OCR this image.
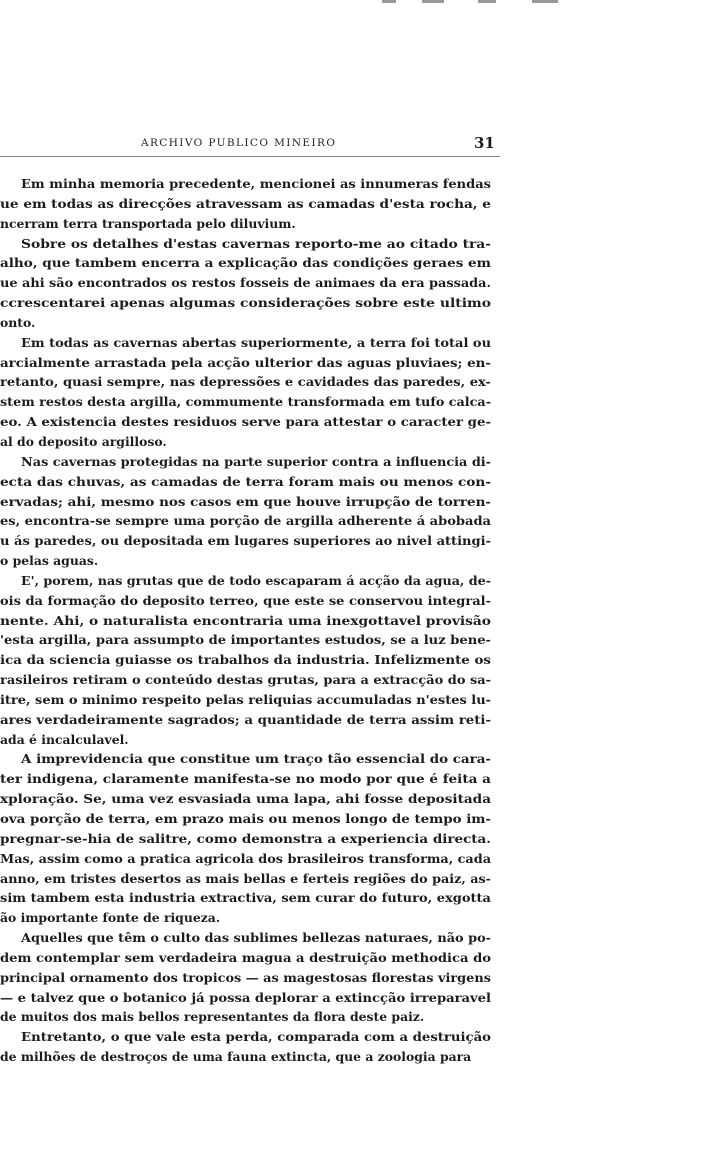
ARCHIVO PUBLICO MINEIRO	31
Em minha memoria precedente, mencionei as innumeras fendas
ue em todas as direcções atravessam as camadas d'esta rocha, e
ncerram terra transportada pelo diluvium.
Sobre os detalhes d'estas cavernas reporto-me ao citado tra-
alho, que tambem encerra a explicação das condições geraes em
ue ahi são encontrados os restos fosseis de animaes da era passada.
ccrescentarei apenas algumas considerações sobre este ultimo
onto.
Em todas as cavernas abertas superiormente, a terra foi total ou
arcialmente arrastada pela acção ulterior das aguas pluviaes; en-
retanto, quasi sempre, nas depressões e cavidades das paredes, ex-
stem restos desta argilla, commumente transformada em tufo calca-
eo. A existencia destes residuos serve para attestar o caracter ge-
al do deposito argilloso.
Nas cavernas protegidas na parte superior contra a influencia di-
ecta das chuvas, as camadas de terra foram mais ou menos con-
ervadas; ahi, mesmo nos casos em que houve irrupção de torren-
es, encontra-se sempre uma porção de argilla adherente á abobada
u ás paredes, ou depositada em lugares superiores ao nivel attingi-
o pelas aguas.
E', porem, nas grutas que de todo escaparam á acção da agua, de-
ois da formação do deposito terreo, que este se conservou integral-
nente. Ahi, o naturalista encontraria uma inexgottavel provisão
'esta argilla, para assumpto de importantes estudos, se a luz bene-
ica da sciencia guiasse os trabalhos da industria. Infelizmente os
rasileiros retiram o conteúdo destas grutas, para a extracção do sa-
itre, sem o minimo respeito pelas reliquias accumuladas n'estes lu-
ares verdadeiramente sagrados; a quantidade de terra assim reti-
ada é incalculavel.
A imprevidencia que constitue um traço tão essencial do cara-
ter indigena, claramente manifesta-se no modo por que é feita a
xploração. Se, uma vez esvasiada uma lapa, ahi fosse depositada
ova porção de terra, em prazo mais ou menos longo de tempo im-
pregnar-se-hia de salitre, como demonstra a experiencia directa.
Mas, assim como a pratica agricola dos brasileiros transforma, cada
anno, em tristes desertos as mais bellas e ferteis regiões do paiz, as-
sim tambem esta industria extractiva, sem curar do futuro, exgotta
ão importante fonte de riqueza.
Aquelles que têm o culto das sublimes bellezas naturaes, não po-
dem contemplar sem verdadeira magua a destruição methodica do
principal ornamento dos tropicos — as magestosas florestas virgens
— e talvez que o botanico já possa deplorar a extincção irreparavel
de muitos dos mais bellos representantes da flora deste paiz.
Entretanto, o que vale esta perda, comparada com a destruição
de milhões de destroços de uma fauna extincta, que a zoologia para
